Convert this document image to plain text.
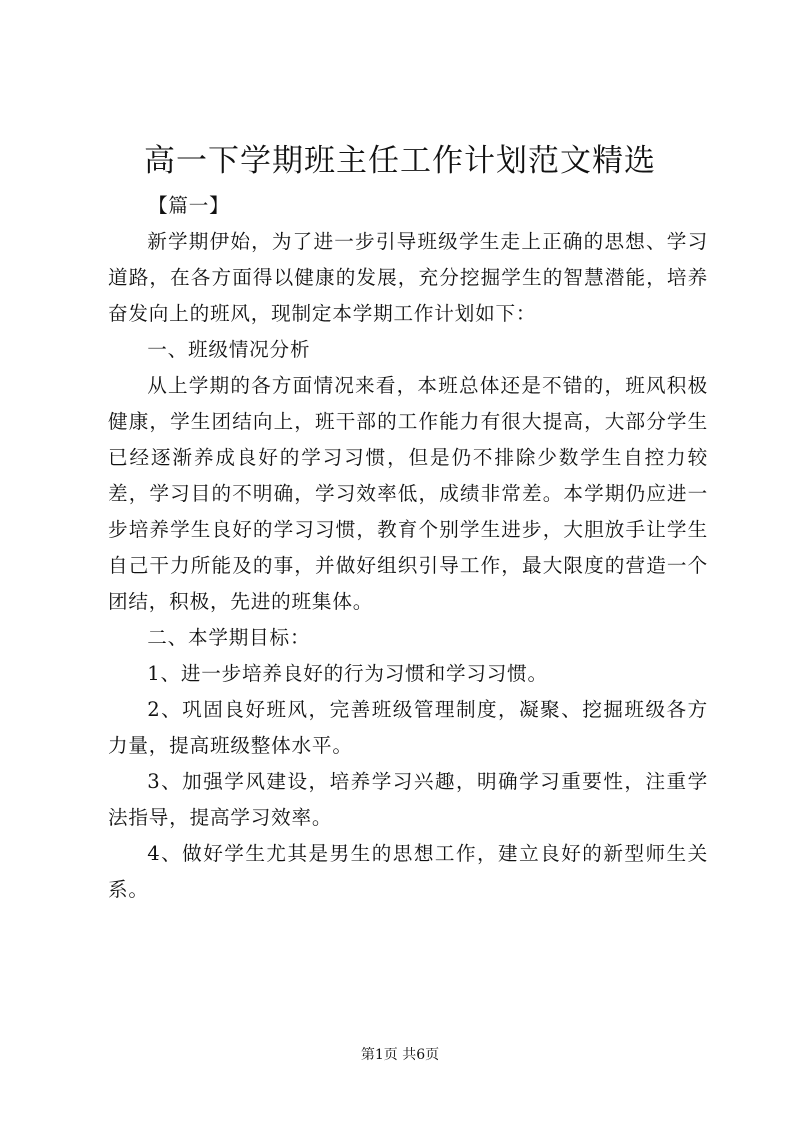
高一下学期班主任工作计划范文精选

【篇一】

新学期伊始，为了进一步引导班级学生走上正确的思想、学习道路，在各方面得以健康的发展，充分挖掘学生的智慧潜能，培养奋发向上的班风，现制定本学期工作计划如下：

一、班级情况分析

从上学期的各方面情况来看，本班总体还是不错的，班风积极健康，学生团结向上，班干部的工作能力有很大提高，大部分学生已经逐渐养成良好的学习习惯，但是仍不排除少数学生自控力较差，学习目的不明确，学习效率低，成绩非常差。本学期仍应进一步培养学生良好的学习习惯，教育个别学生进步，大胆放手让学生自己干力所能及的事，并做好组织引导工作，最大限度的营造一个团结，积极，先进的班集体。

二、本学期目标：

1、进一步培养良好的行为习惯和学习习惯。

2、巩固良好班风，完善班级管理制度，凝聚、挖掘班级各方力量，提高班级整体水平。

3、加强学风建设，培养学习兴趣，明确学习重要性，注重学法指导，提高学习效率。

4、做好学生尤其是男生的思想工作，建立良好的新型师生关系。

第1页 共6页
